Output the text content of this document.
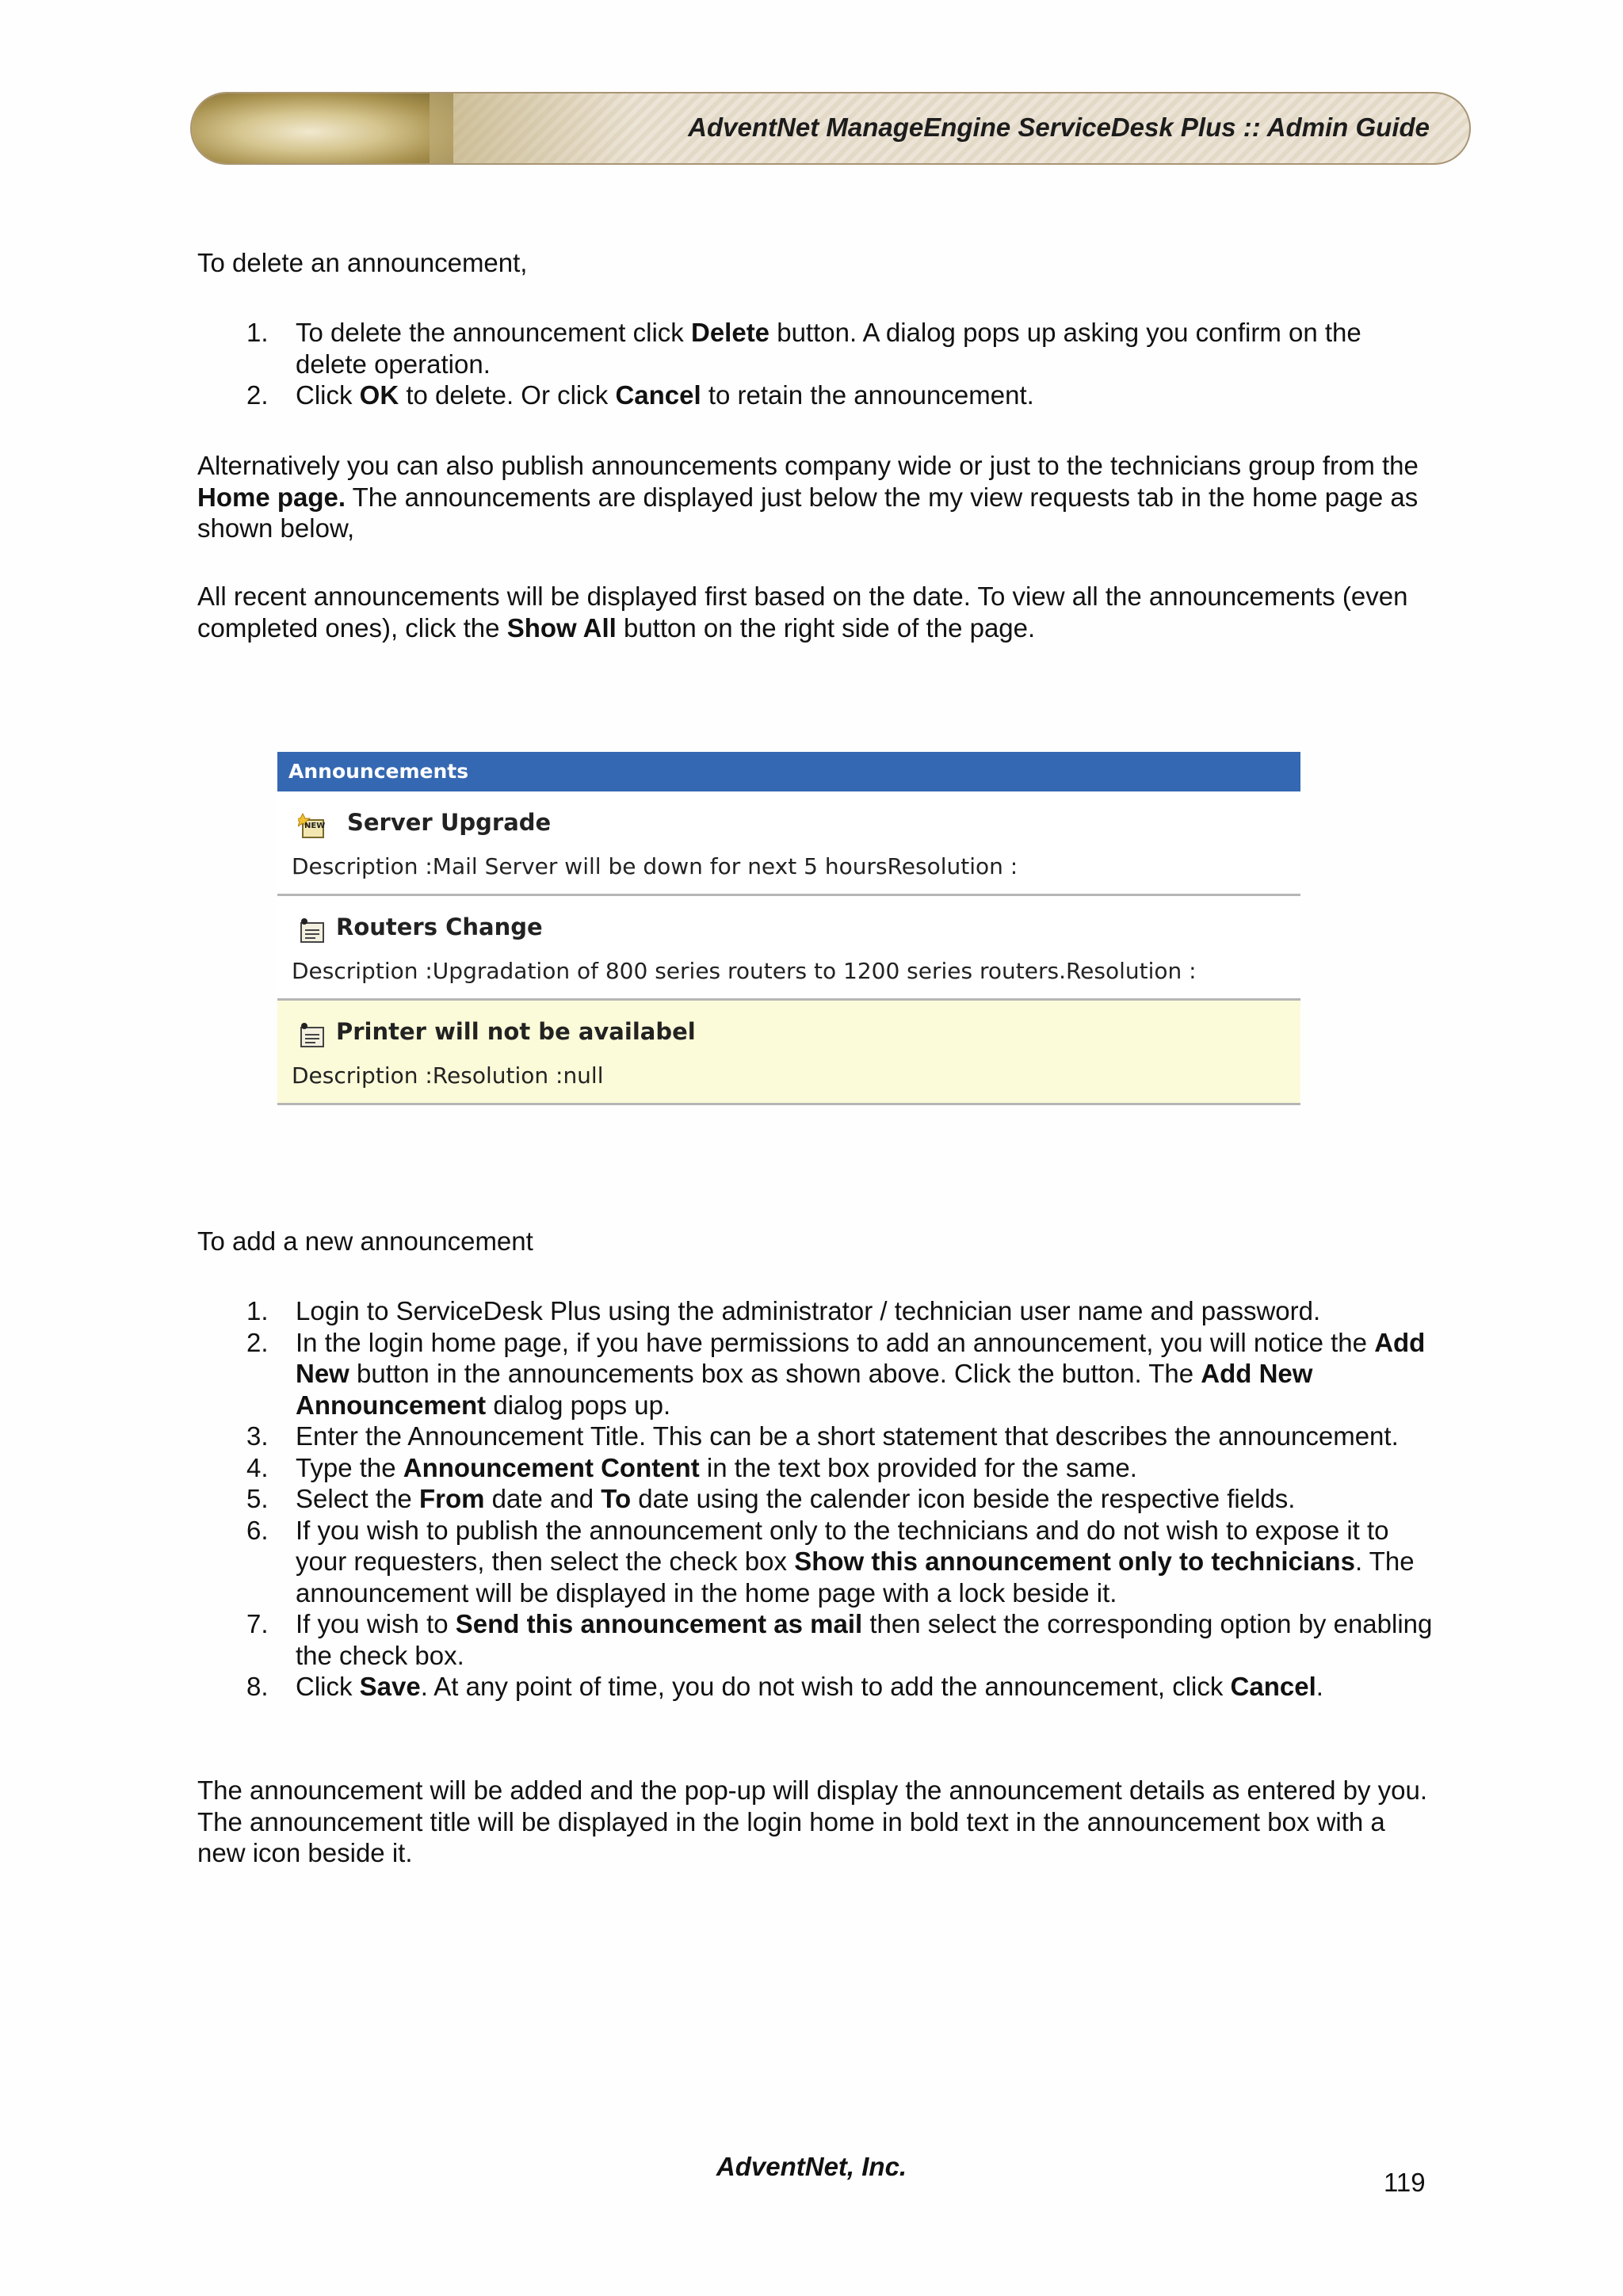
AdventNet ManageEngine ServiceDesk Plus :: Admin Guide

To delete an announcement,

1. To delete the announcement click Delete button. A dialog pops up asking you confirm on the delete operation.
2. Click OK to delete. Or click Cancel to retain the announcement.

Alternatively you can also publish announcements company wide or just to the technicians group from the Home page. The announcements are displayed just below the my view requests tab in the home page as shown below,

All recent announcements will be displayed first based on the date. To view all the announcements (even completed ones), click the Show All button on the right side of the page.

Announcements
NEW Server Upgrade
Description :Mail Server will be down for next 5 hoursResolution :
Routers Change
Description :Upgradation of 800 series routers to 1200 series routers.Resolution :
Printer will not be availabel
Description :Resolution :null

To add a new announcement

1. Login to ServiceDesk Plus using the administrator / technician user name and password.
2. In the login home page, if you have permissions to add an announcement, you will notice the Add New button in the announcements box as shown above. Click the button. The Add New Announcement dialog pops up.
3. Enter the Announcement Title. This can be a short statement that describes the announcement.
4. Type the Announcement Content in the text box provided for the same.
5. Select the From date and To date using the calender icon beside the respective fields.
6. If you wish to publish the announcement only to the technicians and do not wish to expose it to your requesters, then select the check box Show this announcement only to technicians. The announcement will be displayed in the home page with a lock beside it.
7. If you wish to Send this announcement as mail then select the corresponding option by enabling the check box.
8. Click Save. At any point of time, you do not wish to add the announcement, click Cancel.

The announcement will be added and the pop-up will display the announcement details as entered by you. The announcement title will be displayed in the login home in bold text in the announcement box with a new icon beside it.

AdventNet, Inc.
119
